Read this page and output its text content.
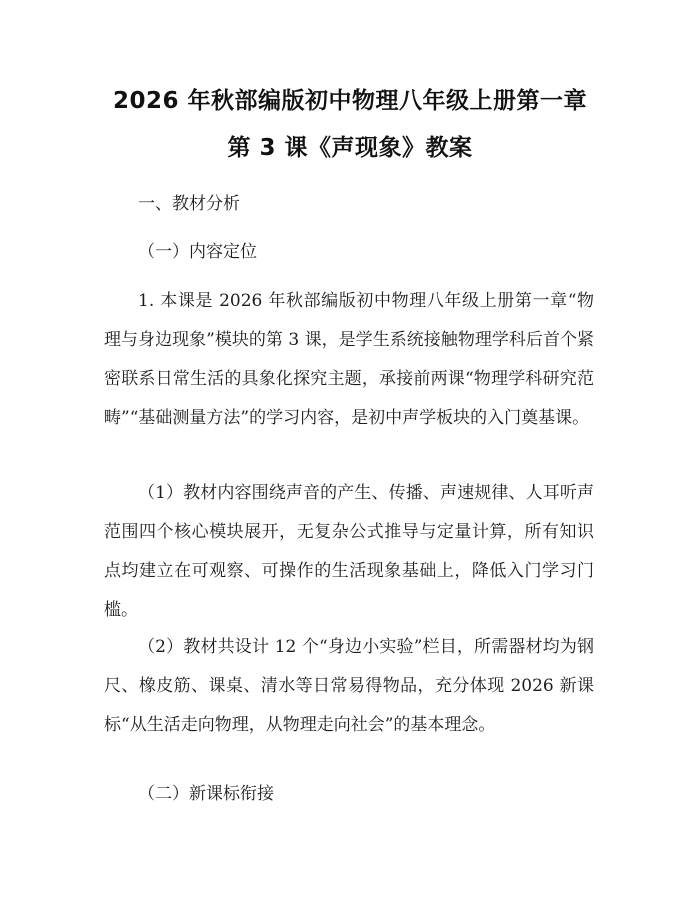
2026 年秋部编版初中物理八年级上册第一章
第 3 课《声现象》教案
一、教材分析
（一）内容定位
1. 本课是 2026 年秋部编版初中物理八年级上册第一章“物理与身边现象”模块的第 3 课，是学生系统接触物理学科后首个紧密联系日常生活的具象化探究主题，承接前两课“物理学科研究范畴”“基础测量方法”的学习内容，是初中声学板块的入门奠基课。
（1）教材内容围绕声音的产生、传播、声速规律、人耳听声范围四个核心模块展开，无复杂公式推导与定量计算，所有知识点均建立在可观察、可操作的生活现象基础上，降低入门学习门槛。
（2）教材共设计 12 个“身边小实验”栏目，所需器材均为钢尺、橡皮筋、课桌、清水等日常易得物品，充分体现 2026 新课标“从生活走向物理，从物理走向社会”的基本理念。
（二）新课标衔接
